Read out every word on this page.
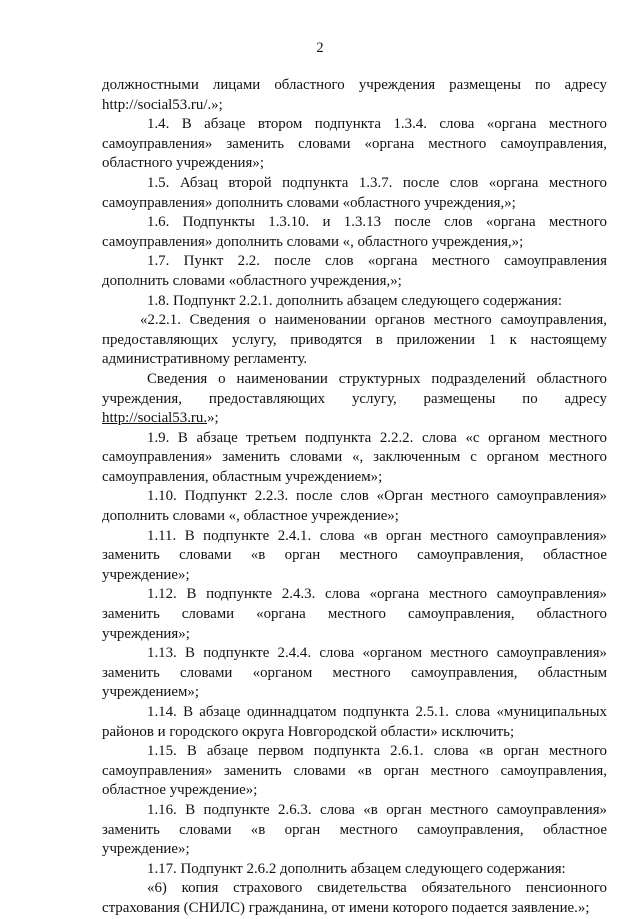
2
должностными лицами областного учреждения размещены по адресу
http://social53.ru/.»;
1.4. В абзаце втором подпункта 1.3.4. слова «органа местного
самоуправления» заменить словами «органа местного самоуправления,
областного учреждения»;
1.5. Абзац второй подпункта 1.3.7. после слов «органа местного
самоуправления» дополнить словами «областного учреждения,»;
1.6. Подпункты 1.3.10. и 1.3.13 после слов «органа местного
самоуправления» дополнить словами «, областного учреждения,»;
1.7. Пункт 2.2. после слов «органа местного самоуправления
дополнить словами «областного учреждения,»;
1.8. Подпункт 2.2.1. дополнить абзацем следующего содержания:
«2.2.1. Сведения о наименовании органов местного самоуправления,
предоставляющих услугу, приводятся в приложении 1 к настоящему
административному регламенту.
Сведения о наименовании структурных подразделений областного
учреждения, предоставляющих услугу, размещены по адресу
http://social53.ru.»;
1.9. В абзаце третьем подпункта 2.2.2. слова «с органом местного
самоуправления» заменить словами «, заключенным с органом местного
самоуправления, областным учреждением»;
1.10. Подпункт 2.2.3. после слов «Орган местного самоуправления»
дополнить словами «, областное учреждение»;
1.11. В подпункте 2.4.1. слова «в орган местного самоуправления»
заменить словами «в орган местного самоуправления, областное
учреждение»;
1.12. В подпункте 2.4.3. слова «органа местного самоуправления»
заменить словами «органа местного самоуправления, областного
учреждения»;
1.13. В подпункте 2.4.4. слова «органом местного самоуправления»
заменить словами «органом местного самоуправления, областным
учреждением»;
1.14. В абзаце одиннадцатом подпункта 2.5.1. слова «муниципальных
районов и городского округа Новгородской области» исключить;
1.15. В абзаце первом подпункта 2.6.1. слова «в орган местного
самоуправления» заменить словами «в орган местного самоуправления,
областное учреждение»;
1.16. В подпункте 2.6.3. слова «в орган местного самоуправления»
заменить словами «в орган местного самоуправления, областное
учреждение»;
1.17. Подпункт 2.6.2 дополнить абзацем следующего содержания:
«6) копия страхового свидетельства обязательного пенсионного
страхования (СНИЛС) гражданина, от имени которого подается заявление.»;
